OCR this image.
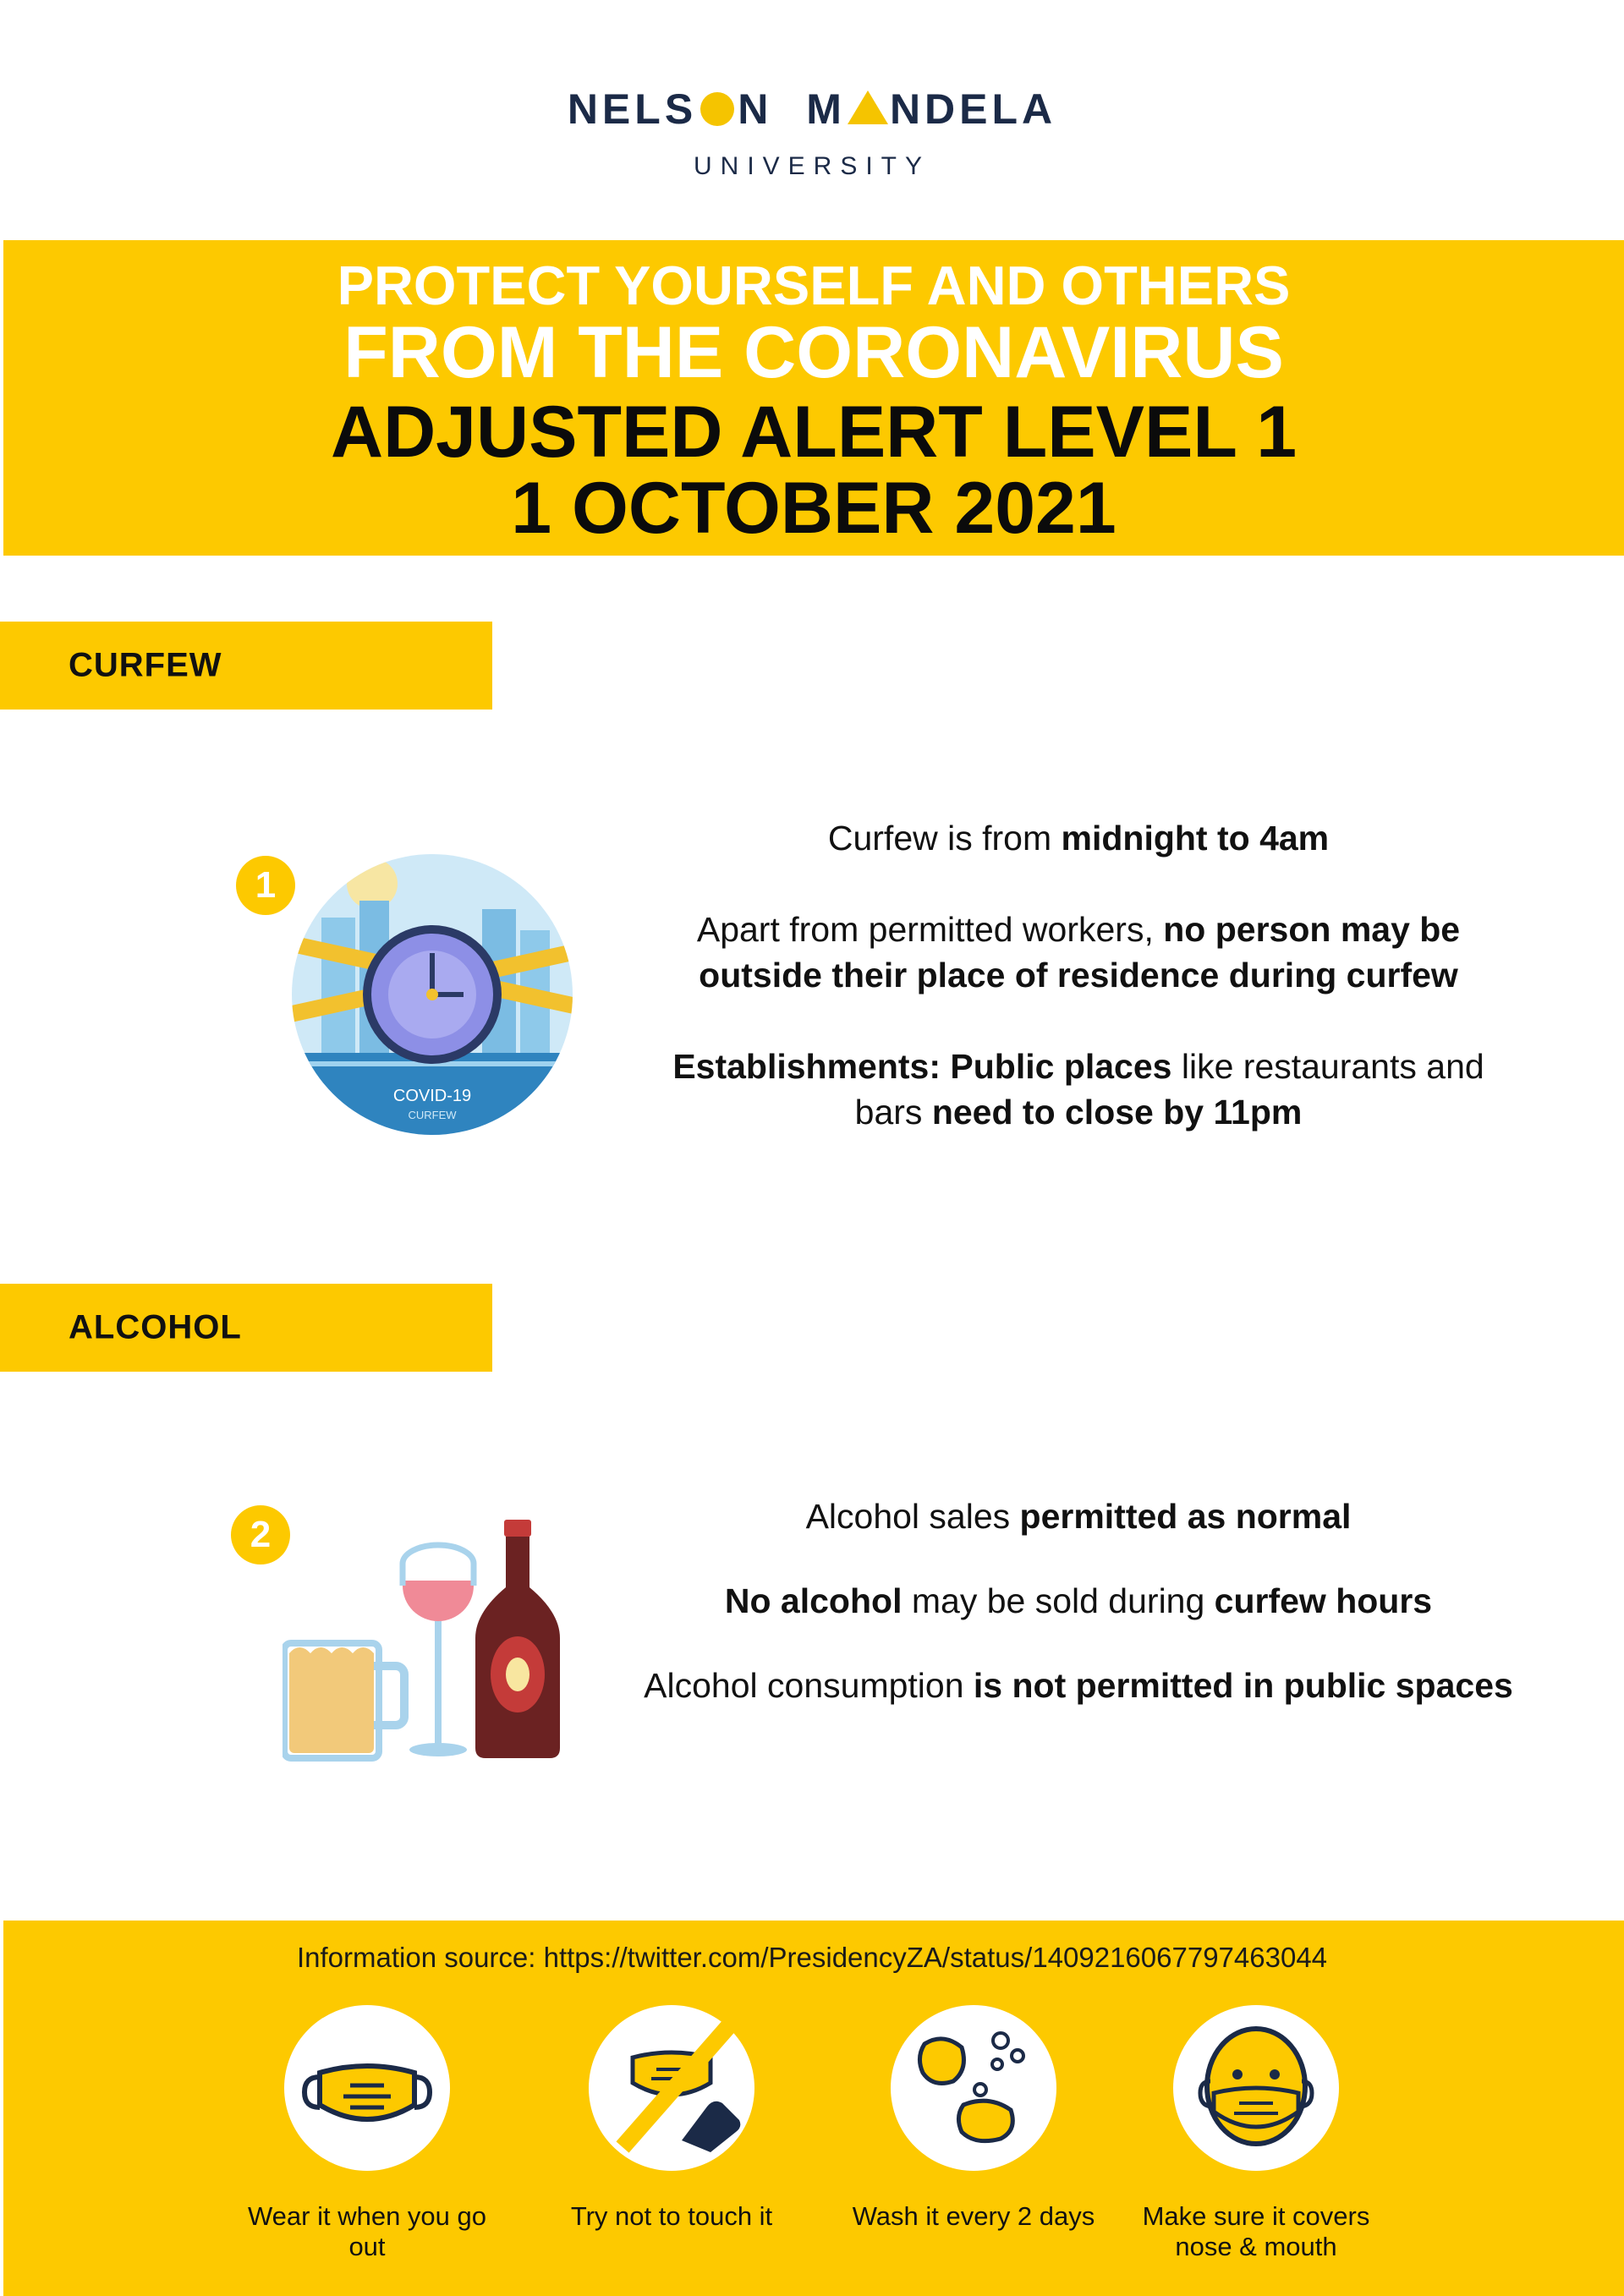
NELS N M NDELA
UNIVERSITY
PROTECT YOURSELF AND OTHERS
FROM THE CORONAVIRUS
ADJUSTED ALERT LEVEL 1
1 OCTOBER 2021
CURFEW
1
COVID-19
CURFEW

Curfew is from midnight to 4am

Apart from permitted workers, no person may be outside their place of residence during curfew

Establishments: Public places like restaurants and bars need to close by 11pm

ALCOHOL
2	Alcohol sales permitted as normal

No alcohol may be sold during curfew hours

Alcohol consumption is not permitted in public spaces

Information source: https://twitter.com/PresidencyZA/status/1409216067797463044
Wear it when you go out
Try not to touch it	Wash it every 2 days	Make sure it covers nose & mouth
